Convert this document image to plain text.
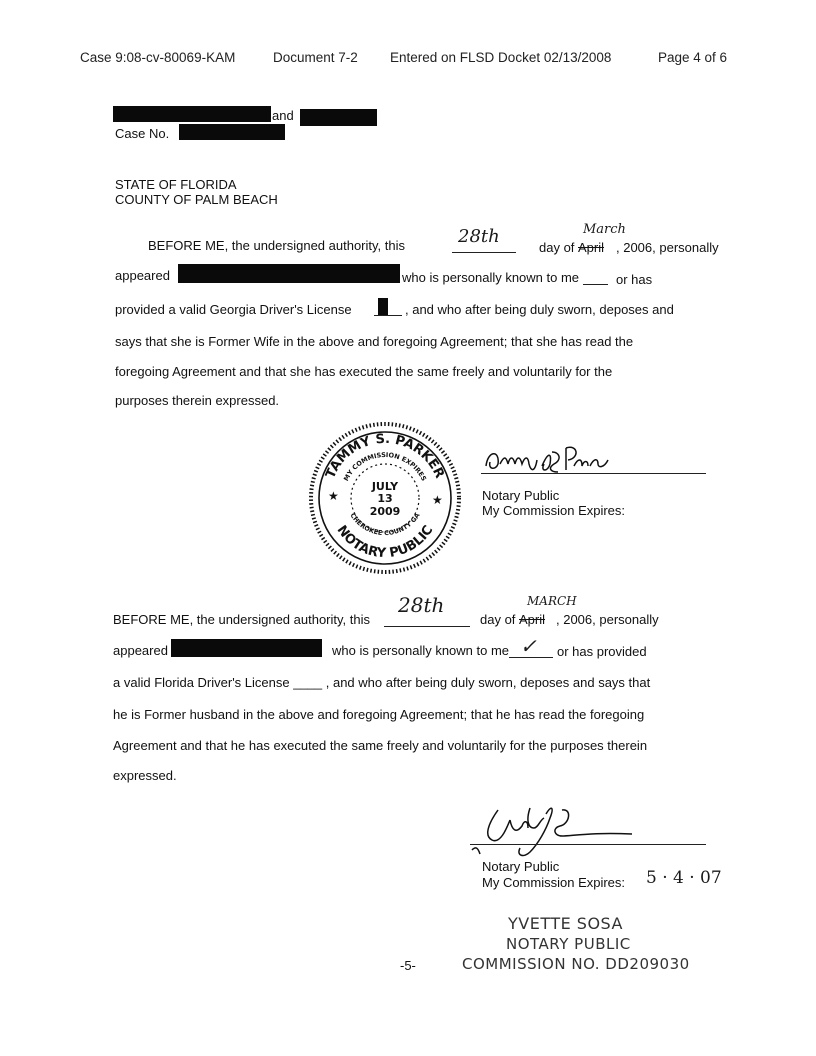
Case 9:08-cv-80069-KAM	Document 7-2 Entered on FLSD Docket 02/13/2008	Page 4 of 6
and
Case No.
STATE OF FLORIDA
COUNTY OF PALM BEACH
BEFORE ME, the undersigned authority, this	28th
day of April
March
, 2006, personally
appeared	who is personally known to me	or has
provided a valid Georgia Driver's License	, and who after being duly sworn, deposes and
says that she is Former Wife in the above and foregoing Agreement; that she has read the
foregoing Agreement and that she has executed the same freely and voluntarily for the
purposes therein expressed.
TAMMY S. PARKER
MY COMMISSION EXPIRES
CHEROKEE COUNTY GA
NOTARY PUBLIC
JULY
13
2009
★	★	Notary Public
My Commission Expires:
BEFORE ME, the undersigned authority, this
28th
day of April
MARCH
, 2006, personally
appeared	who is personally known to me ✓ or has provided
a valid Florida Driver's License ____ , and who after being duly sworn, deposes and says that
he is Former husband in the above and foregoing Agreement; that he has read the foregoing
Agreement and that he has executed the same freely and voluntarily for the purposes therein
expressed.
Notary Public
My Commission Expires: 5 · 4 · 07
YVETTE SOSA
NOTARY PUBLIC
COMMISSION NO. DD209030
-5-
